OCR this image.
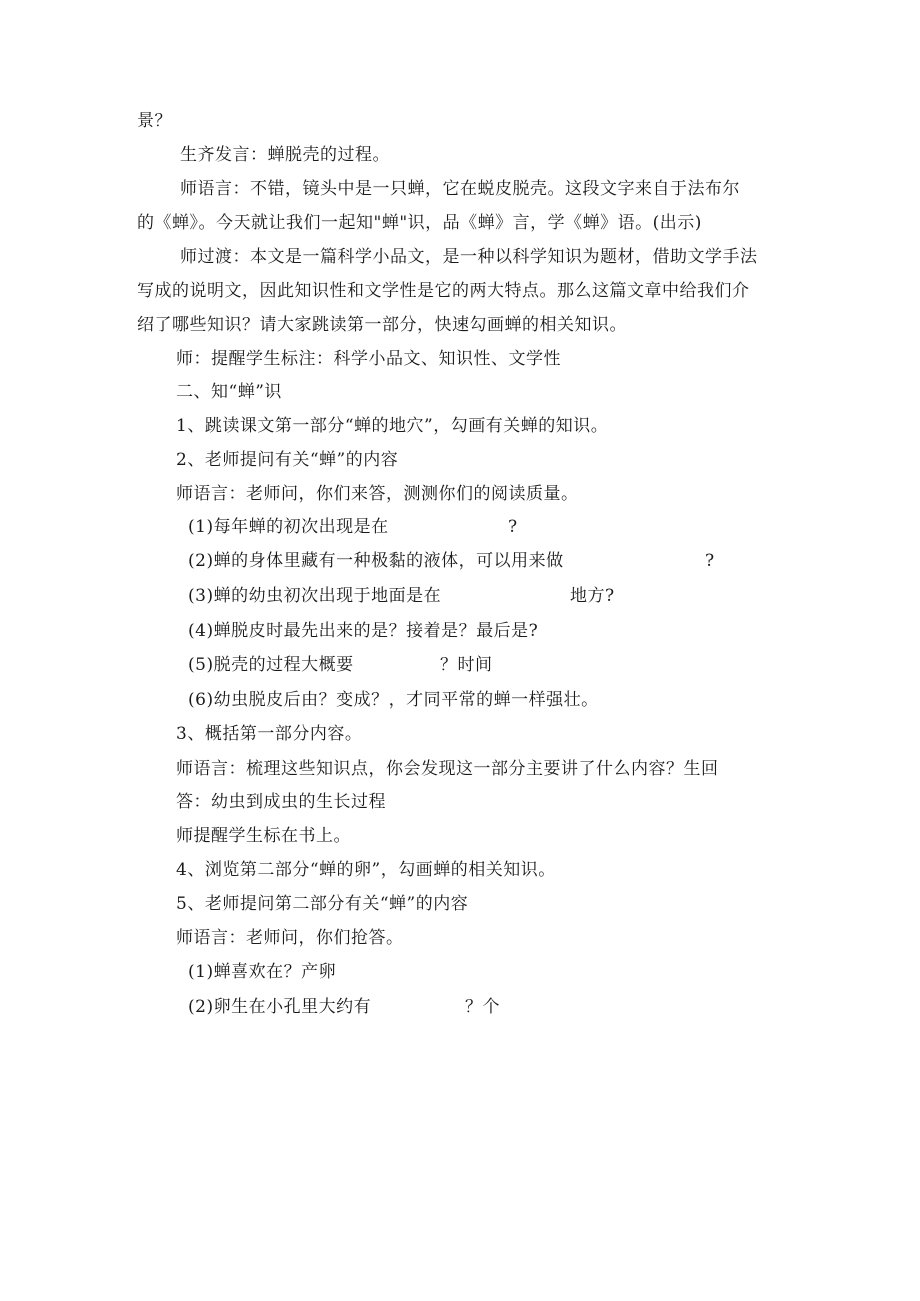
景？
生齐发言：蝉脱壳的过程。
师语言：不错，镜头中是一只蝉，它在蜕皮脱壳。这段文字来自于法布尔
的《蝉》。今天就让我们一起知"蝉"识，品《蝉》言，学《蝉》语。(出示)
师过渡：本文是一篇科学小品文，是一种以科学知识为题材，借助文学手法
写成的说明文，因此知识性和文学性是它的两大特点。那么这篇文章中给我们介
绍了哪些知识？请大家跳读第一部分，快速勾画蝉的相关知识。
师：提醒学生标注：科学小品文、知识性、文学性
二、知“蝉”识
1、跳读课文第一部分“蝉的地穴”，勾画有关蝉的知识。
2、老师提问有关“蝉”的内容
师语言：老师问，你们来答，测测你们的阅读质量。
(1)每年蝉的初次出现是在	?
(2)蝉的身体里藏有一种极黏的液体，可以用来做	?
(3)蝉的幼虫初次出现于地面是在	地方?
(4)蝉脱皮时最先出来的是？接着是？最后是?
(5)脱壳的过程大概要	？时间
(6)幼虫脱皮后由？变成？，才同平常的蝉一样强壮。
3、概括第一部分内容。
师语言：梳理这些知识点，你会发现这一部分主要讲了什么内容？生回
答：幼虫到成虫的生长过程
师提醒学生标在书上。
4、浏览第二部分“蝉的卵”，勾画蝉的相关知识。
5、老师提问第二部分有关“蝉”的内容
师语言：老师问，你们抢答。
(1)蝉喜欢在？产卵
(2)卵生在小孔里大约有	？个
